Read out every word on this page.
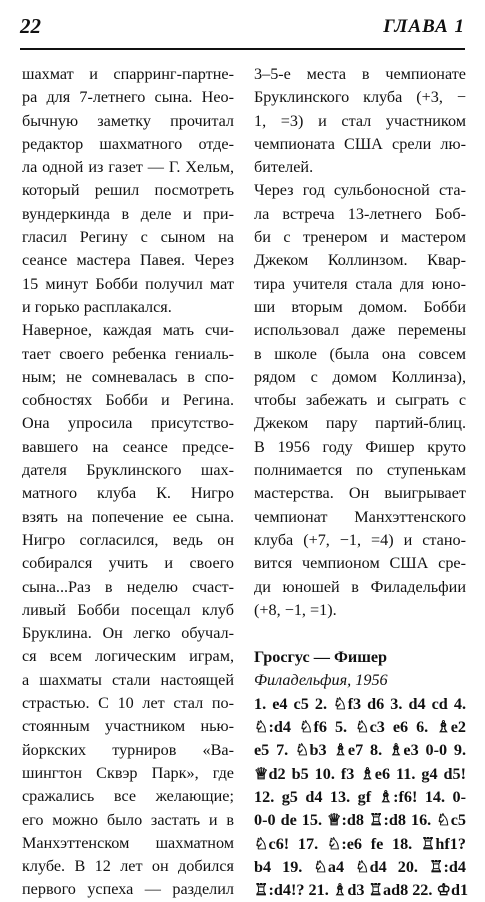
22	ГЛАВА 1
шахмат и спарринг-партне-
ра для 7-летнего сына. Нео-
бычную заметку прочитал
редактор шахматного отде-
ла одной из газет — Г. Хельм,
который решил посмотреть
вундеркинда в деле и при-
гласил Регину с сыном на
сеансе мастера Павея. Через
15 минут Бобби получил мат
и горько расплакался.
Наверное, каждая мать счи-
тает своего ребенка гениаль-
ным; не сомневалась в спо-
собностях Бобби и Регина.
Она упросила присутство-
вавшего на сеансе предсе-
дателя Бруклинского шах-
матного клуба К. Нигро
взять на попечение ее сына.
Нигро согласился, ведь он
собирался учить и своего
сына...Раз в неделю счаст-
ливый Бобби посещал клуб
Бруклина. Он легко обучал-
ся всем логическим играм,
а шахматы стали настоящей
страстью. С 10 лет стал по-
стоянным участником нью-
йоркских турниров «Ва-
шингтон Сквэр Парк», где
сражались все желающие;
его можно было застать и в
Манхэттенском шахматном
клубе. В 12 лет он добился
первого успеха — разделил
3–5-е места в чемпионате
Бруклинского клуба (+3, −
1, =3) и стал участником
чемпионата США срели лю-
бителей.
Через год сульбоносной ста-
ла встреча 13-летнего Боб-
би с тренером и мастером
Джеком Коллинзом. Квар-
тира учителя стала для юно-
ши вторым домом. Бобби
использовал даже перемены
в школе (была она совсем
рядом с домом Коллинза),
чтобы забежать и сыграть с
Джеком пару партий-блиц.
В 1956 году Фишер круто
полнимается по ступенькам
мастерства. Он выигрывает
чемпионат Манхэттенского
клуба (+7, −1, =4) и стано-
вится чемпионом США сре-
ди юношей в Филадельфии
(+8, −1, =1).
Гросгус — Фишер
Филадельфия, 1956
1. e4 c5 2. ♘f3 d6 3. d4 cd 4.
♘:d4 ♘f6 5. ♘c3 e6 6. ♗e2
e5 7. ♘b3 ♗e7 8. ♗e3 0-0 9.
♕d2 b5 10. f3 ♗e6 11. g4 d5!
12. g5 d4 13. gf ♗:f6! 14. 0-
0-0 de 15. ♕:d8 ♖:d8 16. ♘c5
♘c6! 17. ♘:e6 fe 18. ♖hf1?
b4 19. ♘a4 ♘d4 20. ♖:d4
♖:d4!? 21. ♗d3 ♖ad8 22. ♔d1
